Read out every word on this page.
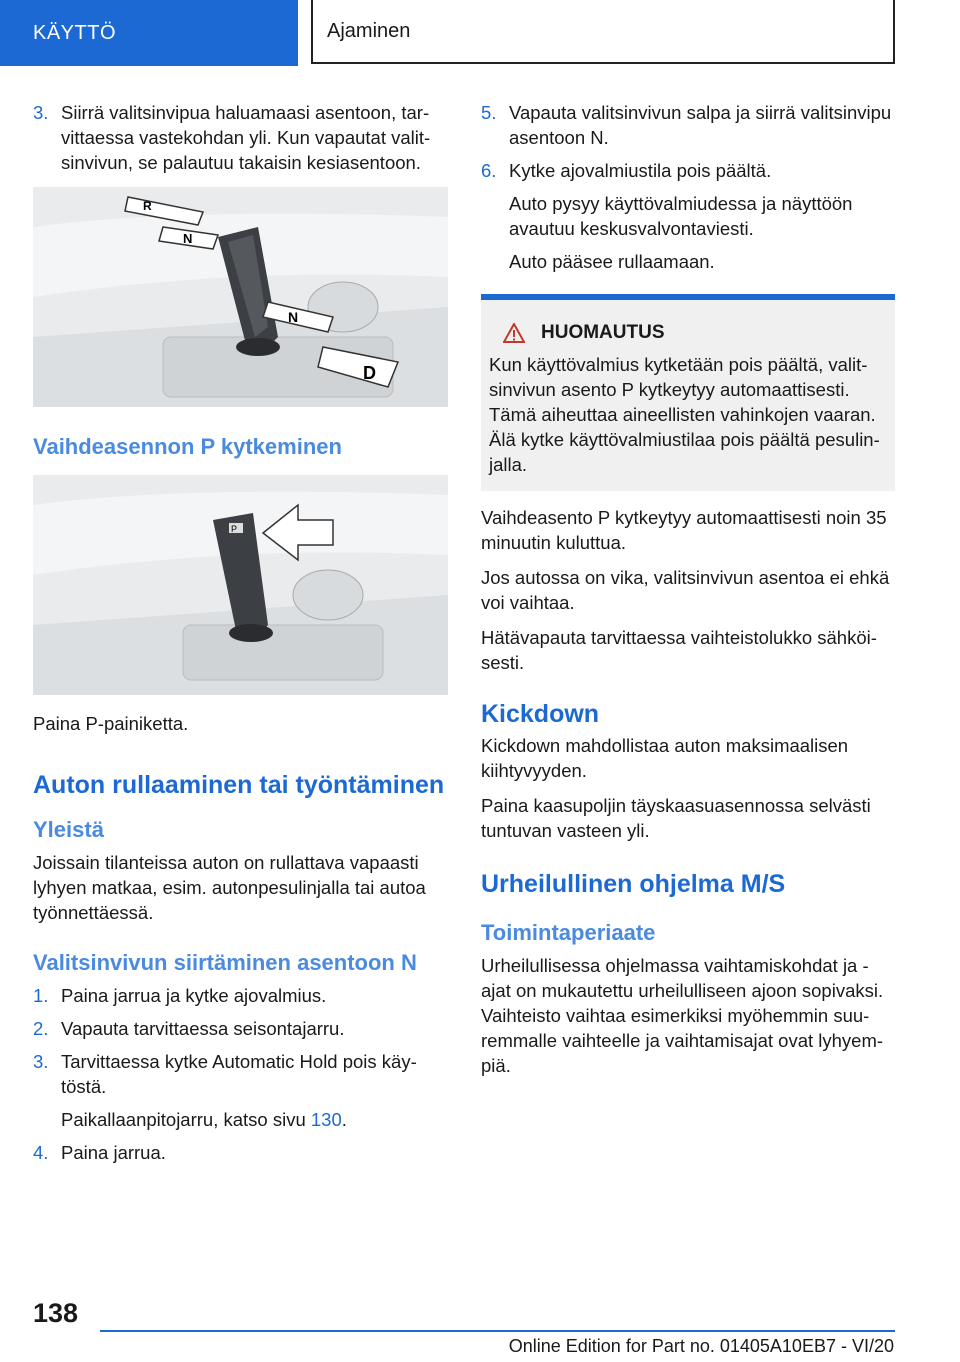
KÄYTTÖ	Ajaminen
3. Siirrä valitsinvipua haluamaasi asentoon, tar-vittaessa vastekohdan yli. Kun vapautat valit-sinvivun, se palautuu takaisin kesiasentoon.
R
N
N
D
Vaihdeasennon P kytkeminen
P

Paina P-painiketta.

Auton rullaaminen tai työntäminen
Yleistä

Joissain tilanteissa auton on rullattava vapaasti lyhyen matkaa, esim. autonpesulinjalla tai autoa työnnettäessä.

Valitsinvivun siirtäminen asentoon N
1. Paina jarrua ja kytke ajovalmius.
2. Vapauta tarvittaessa seisontajarru.
3. Tarvittaessa kytke Automatic Hold pois käy-töstä.

Paikallaanpitojarru, katso sivu 130.

4. Paina jarrua.
5. Vapauta valitsinvivun salpa ja siirrä valitsinvipu asentoon N.
6. Kytke ajovalmiustila pois päältä.

Auto pysyy käyttövalmiudessa ja näyttöön avautuu keskusvalvontaviesti.

Auto pääsee rullaamaan.

HUOMAUTUS

Kun käyttövalmius kytketään pois päältä, valit-sinvivun asento P kytkeytyy automaattisesti. Tämä aiheuttaa aineellisten vahinkojen vaaran. Älä kytke käyttövalmiustilaa pois päältä pesulin-jalla.

Vaihdeasento P kytkeytyy automaattisesti noin 35 minuutin kuluttua.

Jos autossa on vika, valitsinvivun asentoa ei ehkä voi vaihtaa.

Hätävapauta tarvittaessa vaihteistolukko sähköi-sesti.

Kickdown

Kickdown mahdollistaa auton maksimaalisen kiihtyvyyden.

Paina kaasupoljin täyskaasuasennossa selvästi tuntuvan vasteen yli.

Urheilullinen ohjelma M/S
Toimintaperiaate

Urheilullisessa ohjelmassa vaihtamiskohdat ja -ajat on mukautettu urheilulliseen ajoon sopivaksi. Vaihteisto vaihtaa esimerkiksi myöhemmin suu-remmalle vaihteelle ja vaihtamisajat ovat lyhyem-piä.

138
Online Edition for Part no. 01405A10EB7 - VI/20
